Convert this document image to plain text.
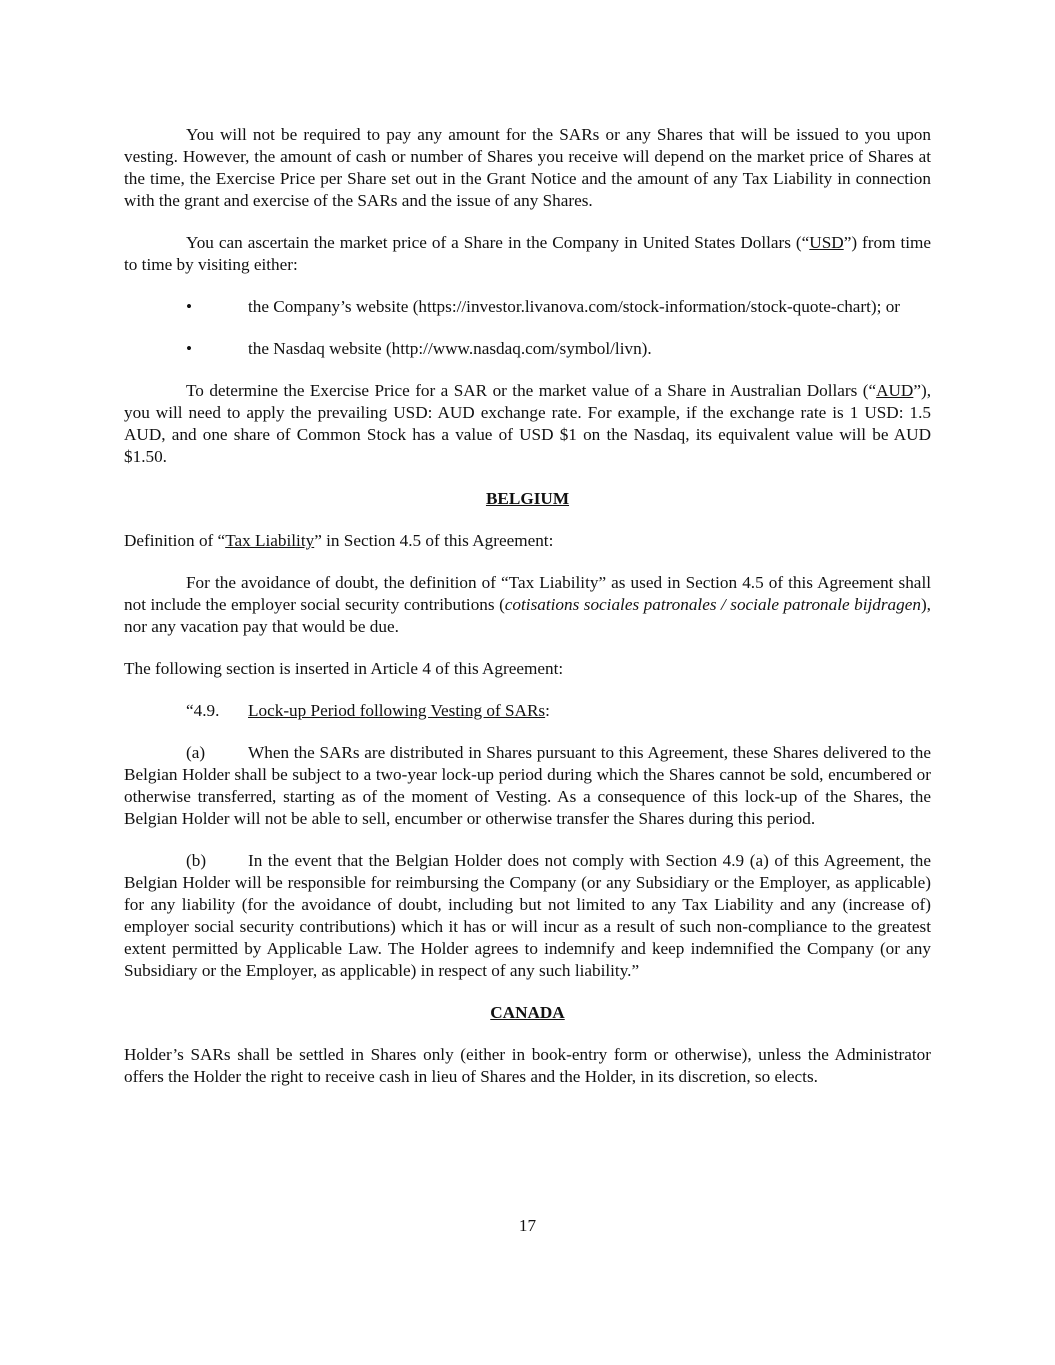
You will not be required to pay any amount for the SARs or any Shares that will be issued to you upon vesting. However, the amount of cash or number of Shares you receive will depend on the market price of Shares at the time, the Exercise Price per Share set out in the Grant Notice and the amount of any Tax Liability in connection with the grant and exercise of the SARs and the issue of any Shares.

You can ascertain the market price of a Share in the Company in United States Dollars (“USD”) from time to time by visiting either:

•	the Company’s website (https://investor.livanova.com/stock-information/stock-quote-chart); or

•	the Nasdaq website (http://www.nasdaq.com/symbol/livn).

To determine the Exercise Price for a SAR or the market value of a Share in Australian Dollars (“AUD”), you will need to apply the prevailing USD: AUD exchange rate. For example, if the exchange rate is 1 USD: 1.5 AUD, and one share of Common Stock has a value of USD $1 on the Nasdaq, its equivalent value will be AUD $1.50.

BELGIUM

Definition of “Tax Liability” in Section 4.5 of this Agreement:

For the avoidance of doubt, the definition of “Tax Liability” as used in Section 4.5 of this Agreement shall not include the employer social security contributions (cotisations sociales patronales / sociale patronale bijdragen), nor any vacation pay that would be due.

The following section is inserted in Article 4 of this Agreement:

“4.9. Lock-up Period following Vesting of SARs:

(a) When the SARs are distributed in Shares pursuant to this Agreement, these Shares delivered to the Belgian Holder shall be subject to a two-year lock-up period during which the Shares cannot be sold, encumbered or otherwise transferred, starting as of the moment of Vesting. As a consequence of this lock-up of the Shares, the Belgian Holder will not be able to sell, encumber or otherwise transfer the Shares during this period.

(b) In the event that the Belgian Holder does not comply with Section 4.9 (a) of this Agreement, the Belgian Holder will be responsible for reimbursing the Company (or any Subsidiary or the Employer, as applicable) for any liability (for the avoidance of doubt, including but not limited to any Tax Liability and any (increase of) employer social security contributions) which it has or will incur as a result of such non-compliance to the greatest extent permitted by Applicable Law. The Holder agrees to indemnify and keep indemnified the Company (or any Subsidiary or the Employer, as applicable) in respect of any such liability.”

CANADA

Holder’s SARs shall be settled in Shares only (either in book-entry form or otherwise), unless the Administrator offers the Holder the right to receive cash in lieu of Shares and the Holder, in its discretion, so elects.

17
